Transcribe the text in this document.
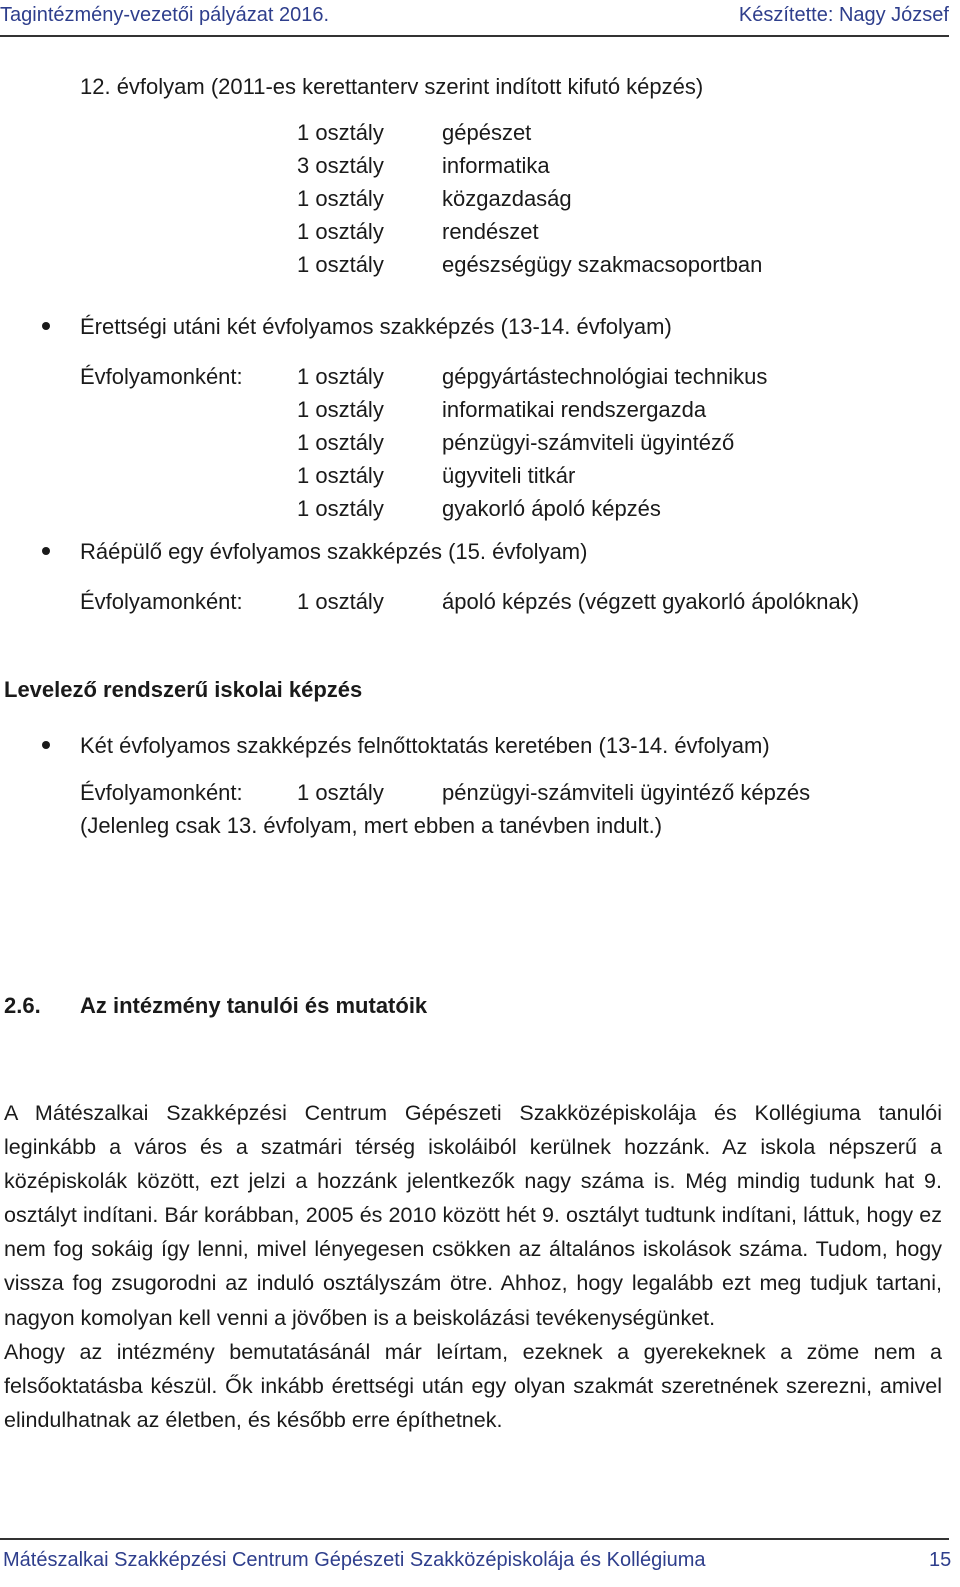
Tagintézmény-vezetői pályázat 2016.	Készítette: Nagy József
12. évfolyam (2011-es kerettanterv szerint indított kifutó képzés)
1 osztály	gépészet
3 osztály	informatika
1 osztály	közgazdaság
1 osztály	rendészet
1 osztály	egészségügy szakmacsoportban
Érettségi utáni két évfolyamos szakképzés (13-14. évfolyam)
Évfolyamonként: 1 osztály	gépgyártástechnológiai technikus
1 osztály	informatikai rendszergazda
1 osztály	pénzügyi-számviteli ügyintéző
1 osztály	ügyviteli titkár
1 osztály	gyakorló ápoló képzés
Ráépülő egy évfolyamos szakképzés (15. évfolyam)
Évfolyamonként: 1 osztály	ápoló képzés (végzett gyakorló ápolóknak)
Levelező rendszerű iskolai képzés
Két évfolyamos szakképzés felnőttoktatás keretében (13-14. évfolyam)
Évfolyamonként: 1 osztály	pénzügyi-számviteli ügyintéző képzés
(Jelenleg csak 13. évfolyam, mert ebben a tanévben indult.)
2.6. Az intézmény tanulói és mutatóik

A Mátészalkai Szakképzési Centrum Gépészeti Szakközépiskolája és Kollégiuma tanulói leginkább a város és a szatmári térség iskoláiból kerülnek hozzánk. Az iskola népszerű a középiskolák között, ezt jelzi a hozzánk jelentkezők nagy száma is. Még mindig tudunk hat 9. osztályt indítani. Bár korábban, 2005 és 2010 között hét 9. osztályt tudtunk indítani, láttuk, hogy ez nem fog sokáig így lenni, mivel lényegesen csökken az általános iskolások száma. Tudom, hogy vissza fog zsugorodni az induló osztályszám ötre. Ahhoz, hogy legalább ezt meg tudjuk tartani, nagyon komolyan kell venni a jövőben is a beiskolázási tevékenységünket.

Ahogy az intézmény bemutatásánál már leírtam, ezeknek a gyerekeknek a zöme nem a felsőoktatásba készül. Ők inkább érettségi után egy olyan szakmát szeretnének szerezni, amivel elindulhatnak az életben, és később erre építhetnek.

Mátészalkai Szakképzési Centrum Gépészeti Szakközépiskolája és Kollégiuma	15
